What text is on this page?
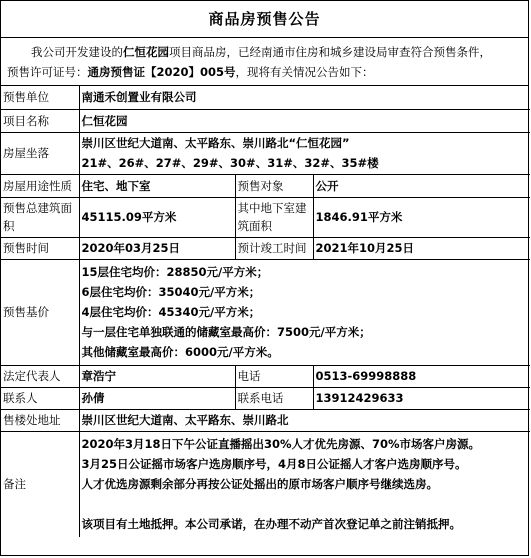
商品房预售公告
我公司开发建设的仁恒花园项目商品房，已经南通市住房和城乡建设局审查符合预售条件，
预售许可证号：通房预售证【2020】005号，现将有关情况公告如下：
预售单位	南通禾创置业有限公司		
项目名称	仁恒花园		
房屋坐落	崇川区世纪大道南、太平路东、崇川路北“仁恒花园”
21#、26#、27#、29#、30#、31#、32#、35#楼		

房屋用途性质	住宅、地下室	预售对象	公开
预售总建筑面积	45115.09平方米	其中地下室建筑面积	1846.91平方米
预售时间	2020年03月25日	预计竣工时间	2021年10月25日
预售基价	15层住宅均价：28850元/平方米；
6层住宅均价：35040元/平方米；
4层住宅均价：45340元/平方米；
与一层住宅单独联通的储藏室最高价：7500元/平方米；
其他储藏室最高价：6000元/平方米。		

法定代表人	章浩宁	电话	0513-69998888
联系人	孙倩	联系电话	13912429633
售楼处地址	崇川区世纪大道南、太平路东、崇川路北		
备注	2020年3月18日下午公证直播摇出30%人才优先房源、70%市场客户房源。
3月25日公证摇市场客户选房顺序号，4月8日公证摇人才客户选房顺序号。
人才优选房源剩余部分再按公证处摇出的原市场客户顺序号继续选房。
该项目有土地抵押。本公司承诺，在办理不动产首次登记单之前注销抵押。		
